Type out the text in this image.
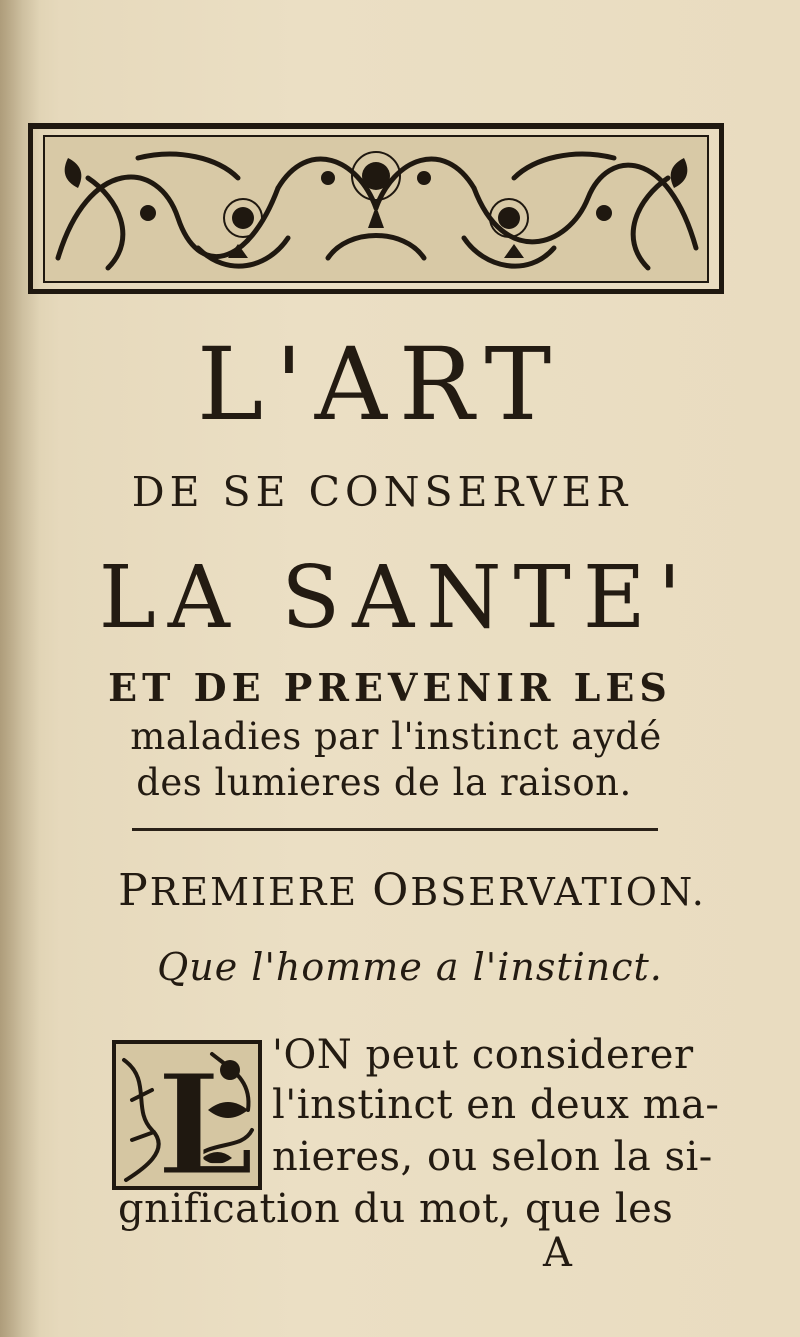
L'ART
DE SE CONSERVER
LA SANTE'
ET DE PREVENIR LES
maladies par l'instinct aydé
des lumieres de la raison.
PREMIERE OBSERVATION.
Que l'homme a l'instinct.
L 'ON peut considerer
l'instinct en deux ma-
nieres, ou selon la si-
gnification du mot, que les
A
